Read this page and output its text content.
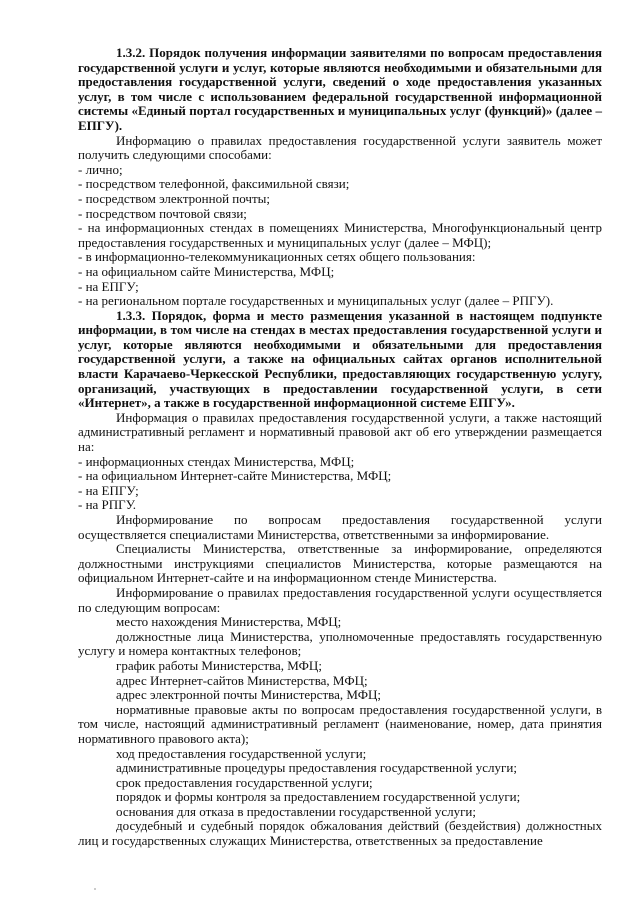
1.3.2. Порядок получения информации заявителями по вопросам предоставления государственной услуги и услуг, которые являются необходимыми и обязательными для предоставления государственной услуги, сведений о ходе предоставления указанных услуг, в том числе с использованием федеральной государственной информационной системы «Единый портал государственных и муниципальных услуг (функций)» (далее – ЕПГУ).

Информацию о правилах предоставления государственной услуги заявитель может получить следующими способами:

- лично;

- посредством телефонной, факсимильной связи;

- посредством электронной почты;

- посредством почтовой связи;

- на информационных стендах в помещениях Министерства, Многофункциональный центр предоставления государственных и муниципальных услуг (далее – МФЦ);

- в информационно-телекоммуникационных сетях общего пользования:

- на официальном сайте Министерства, МФЦ;

- на ЕПГУ;

- на региональном портале государственных и муниципальных услуг (далее – РПГУ).

1.3.3. Порядок, форма и место размещения указанной в настоящем подпункте информации, в том числе на стендах в местах предоставления государственной услуги и услуг, которые являются необходимыми и обязательными для предоставления государственной услуги, а также на официальных сайтах органов исполнительной власти Карачаево-Черкесской Республики, предоставляющих государственную услугу, организаций, участвующих в предоставлении государственной услуги, в сети «Интернет», а также в государственной информационной системе ЕПГУ».

Информация о правилах предоставления государственной услуги, а также настоящий административный регламент и нормативный правовой акт об его утверждении размещается на:

- информационных стендах Министерства, МФЦ;

- на официальном Интернет-сайте Министерства, МФЦ;

- на ЕПГУ;

- на РПГУ.

Информирование по вопросам предоставления государственной услуги осуществляется специалистами Министерства, ответственными за информирование.

Специалисты Министерства, ответственные за информирование, определяются должностными инструкциями специалистов Министерства, которые размещаются на официальном Интернет-сайте и на информационном стенде Министерства.

Информирование о правилах предоставления государственной услуги осуществляется по следующим вопросам:

место нахождения Министерства, МФЦ;

должностные лица Министерства, уполномоченные предоставлять государственную услугу и номера контактных телефонов;

график работы Министерства, МФЦ;

адрес Интернет-сайтов Министерства, МФЦ;

адрес электронной почты Министерства, МФЦ;

нормативные правовые акты по вопросам предоставления государственной услуги, в том числе, настоящий административный регламент (наименование, номер, дата принятия нормативного правового акта);

ход предоставления государственной услуги;

административные процедуры предоставления государственной услуги;

срок предоставления государственной услуги;

порядок и формы контроля за предоставлением государственной услуги;

основания для отказа в предоставлении государственной услуги;

досудебный и судебный порядок обжалования действий (бездействия) должностных лиц и государственных служащих Министерства, ответственных за предоставление
